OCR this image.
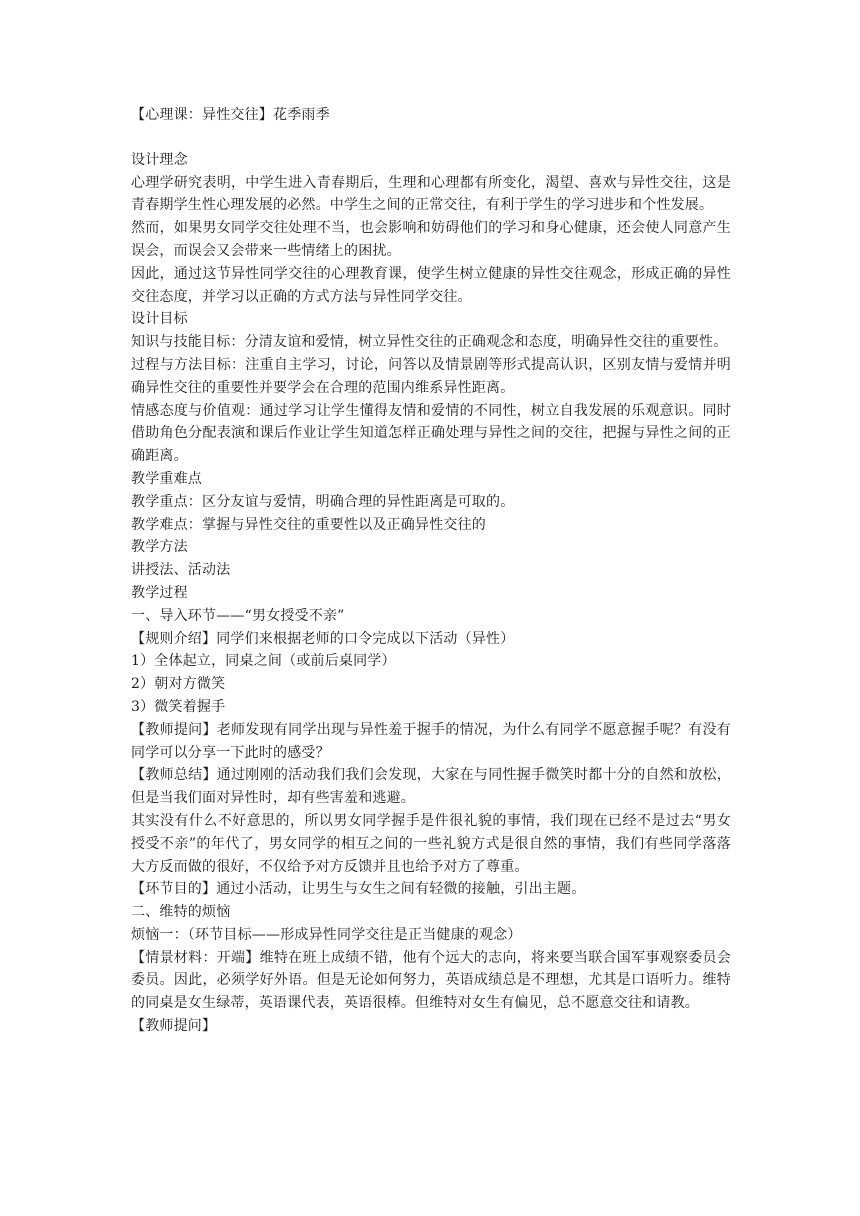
【心理课：异性交往】花季雨季

设计理念

心理学研究表明，中学生进入青春期后，生理和心理都有所变化，渴望、喜欢与异性交往，这是青春期学生性心理发展的必然。中学生之间的正常交往，有利于学生的学习进步和个性发展。

然而，如果男女同学交往处理不当，也会影响和妨碍他们的学习和身心健康，还会使人同意产生误会，而误会又会带来一些情绪上的困扰。

因此，通过这节异性同学交往的心理教育课，使学生树立健康的异性交往观念，形成正确的异性交往态度，并学习以正确的方式方法与异性同学交往。

设计目标

知识与技能目标：分清友谊和爱情，树立异性交往的正确观念和态度，明确异性交往的重要性。

过程与方法目标：注重自主学习，讨论，问答以及情景剧等形式提高认识，区别友情与爱情并明确异性交往的重要性并要学会在合理的范围内维系异性距离。

情感态度与价值观：通过学习让学生懂得友情和爱情的不同性，树立自我发展的乐观意识。同时借助角色分配表演和课后作业让学生知道怎样正确处理与异性之间的交往，把握与异性之间的正确距离。

教学重难点

教学重点：区分友谊与爱情，明确合理的异性距离是可取的。

教学难点：掌握与异性交往的重要性以及正确异性交往的

教学方法

讲授法、活动法

教学过程

一、导入环节——“男女授受不亲”

【规则介绍】同学们来根据老师的口令完成以下活动（异性）

1）全体起立，同桌之间（或前后桌同学）

2）朝对方微笑

3）微笑着握手

【教师提问】老师发现有同学出现与异性羞于握手的情况，为什么有同学不愿意握手呢？有没有同学可以分享一下此时的感受？

【教师总结】通过刚刚的活动我们我们会发现，大家在与同性握手微笑时都十分的自然和放松，但是当我们面对异性时，却有些害羞和逃避。

其实没有什么不好意思的，所以男女同学握手是件很礼貌的事情，我们现在已经不是过去“男女授受不亲”的年代了，男女同学的相互之间的一些礼貌方式是很自然的事情，我们有些同学落落大方反而做的很好，不仅给予对方反馈并且也给予对方了尊重。

【环节目的】通过小活动，让男生与女生之间有轻微的接触，引出主题。

二、维特的烦恼

烦恼一：（环节目标——形成异性同学交往是正当健康的观念）

【情景材料：开端】维特在班上成绩不错，他有个远大的志向，将来要当联合国军事观察委员会委员。因此，必须学好外语。但是无论如何努力，英语成绩总是不理想，尤其是口语听力。维特的同桌是女生绿蒂，英语课代表，英语很棒。但维特对女生有偏见，总不愿意交往和请教。

【教师提问】
